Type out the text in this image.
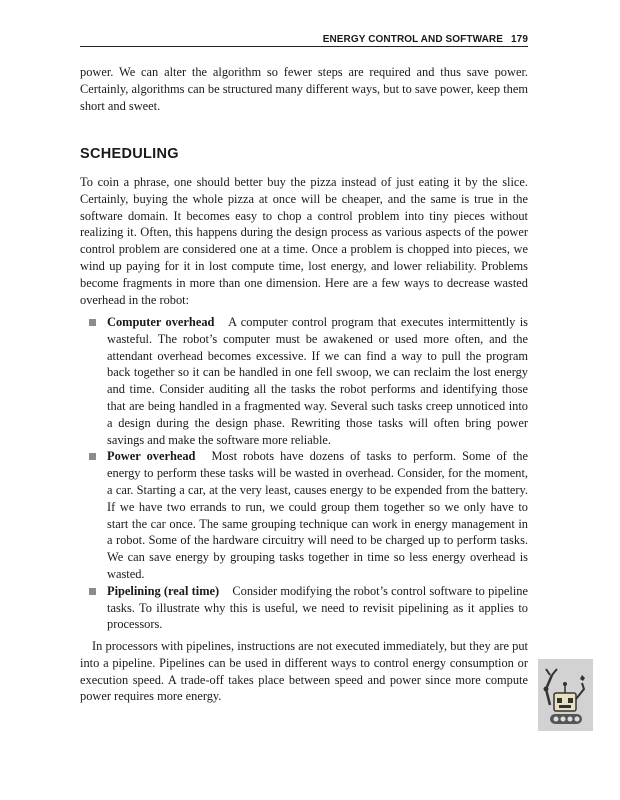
ENERGY CONTROL AND SOFTWARE 179

power. We can alter the algorithm so fewer steps are required and thus save power. Certainly, algorithms can be structured many different ways, but to save power, keep them short and sweet.

SCHEDULING

To coin a phrase, one should better buy the pizza instead of just eating it by the slice. Certainly, buying the whole pizza at once will be cheaper, and the same is true in the software domain. It becomes easy to chop a control problem into tiny pieces without realizing it. Often, this happens during the design process as various aspects of the power control problem are considered one at a time. Once a problem is chopped into pieces, we wind up paying for it in lost compute time, lost energy, and lower reliability. Problems become fragments in more than one dimension. Here are a few ways to decrease wasted overhead in the robot:

Computer overhead A computer control program that executes intermittently is wasteful. The robot’s computer must be awakened or used more often, and the attendant overhead becomes excessive. If we can find a way to pull the program back together so it can be handled in one fell swoop, we can reclaim the lost energy and time. Consider auditing all the tasks the robot performs and identifying those that are being handled in a fragmented way. Several such tasks creep unnoticed into a design during the design phase. Rewriting those tasks will often bring power savings and make the software more reliable.
Power overhead Most robots have dozens of tasks to perform. Some of the energy to perform these tasks will be wasted in overhead. Consider, for the moment, a car. Starting a car, at the very least, causes energy to be expended from the battery. If we have two errands to run, we could group them together so we only have to start the car once. The same grouping technique can work in energy management in a robot. Some of the hardware circuitry will need to be charged up to perform tasks. We can save energy by grouping tasks together in time so less energy overhead is wasted.
Pipelining (real time) Consider modifying the robot’s control software to pipeline tasks. To illustrate why this is useful, we need to revisit pipelining as it applies to processors.

In processors with pipelines, instructions are not executed immediately, but they are put into a pipeline. Pipelines can be used in different ways to control energy consumption or execution speed. A trade-off takes place between speed and power since more compute power requires more energy.
